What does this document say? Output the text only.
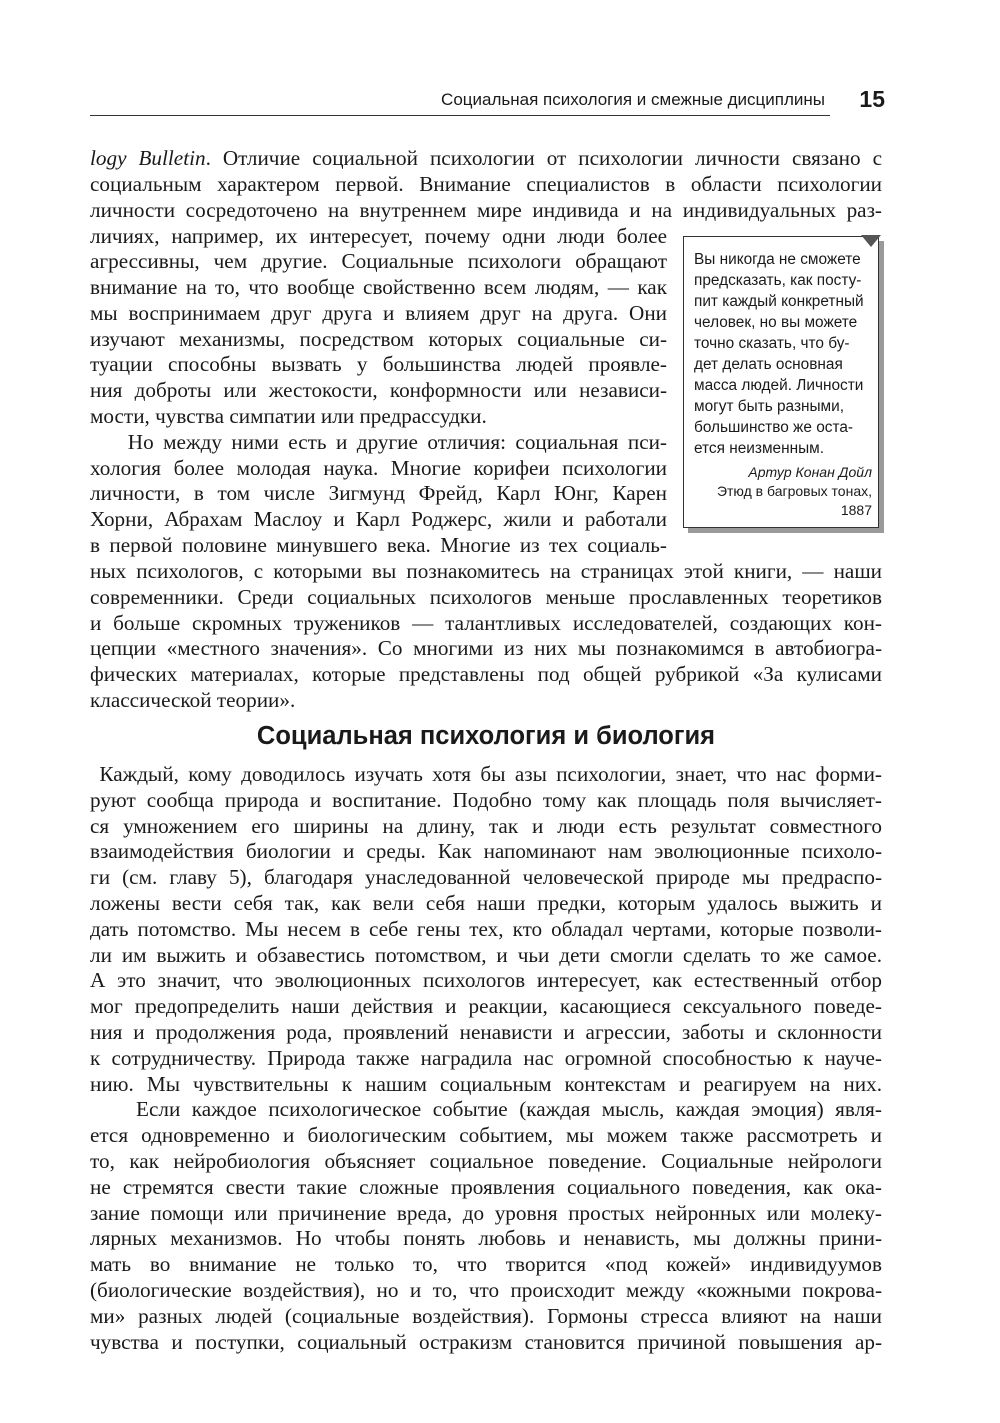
Социальная психология и смежные дисциплины 15
logy Bulletin. Отличие социальной психологии от психологии личности связано с
социальным характером первой. Внимание специалистов в области психологии
личности сосредоточено на внутреннем мире индивида и на индивидуальных раз-
личиях, например, их интересует, почему одни люди более
агрессивны, чем другие. Социальные психологи обращают
внимание на то, что вообще свойственно всем людям, — как
мы воспринимаем друг друга и влияем друг на друга. Они
изучают механизмы, посредством которых социальные си-
туации способны вызвать у большинства людей проявле-
ния доброты или жестокости, конформности или независи-
мости, чувства симпатии или предрассудки.
Но между ними есть и другие отличия: социальная пси-
хология более молодая наука. Многие корифеи психологии
личности, в том числе Зигмунд Фрейд, Карл Юнг, Карен
Хорни, Абрахам Маслоу и Карл Роджерс, жили и работали
в первой половине минувшего века. Многие из тех социаль-
ных психологов, с которыми вы познакомитесь на страницах этой книги, — наши
современники. Среди социальных психологов меньше прославленных теоретиков
и больше скромных тружеников — талантливых исследователей, создающих кон-
цепции «местного значения». Со многими из них мы познакомимся в автобиогра-
фических материалах, которые представлены под общей рубрикой «За кулисами
классической теории».
Вы никогда не сможете
предсказать, как посту-
пит каждый конкретный
человек, но вы можете
точно сказать, что бу-
дет делать основная
масса людей. Личности
могут быть разными,
большинство же оста-
ется неизменным.
Артур Конан Дойл
Этюд в багровых тонах,
1887
Социальная психология и биология
Каждый, кому доводилось изучать хотя бы азы психологии, знает, что нас форми-
руют сообща природа и воспитание. Подобно тому как площадь поля вычисляет-
ся умножением его ширины на длину, так и люди есть результат совместного
взаимодействия биологии и среды. Как напоминают нам эволюционные психоло-
ги (см. главу 5), благодаря унаследованной человеческой природе мы предраспо-
ложены вести себя так, как вели себя наши предки, которым удалось выжить и
дать потомство. Мы несем в себе гены тех, кто обладал чертами, которые позволи-
ли им выжить и обзавестись потомством, и чьи дети смогли сделать то же самое.
А это значит, что эволюционных психологов интересует, как естественный отбор
мог предопределить наши действия и реакции, касающиеся сексуального поведе-
ния и продолжения рода, проявлений ненависти и агрессии, заботы и склонности
к сотрудничеству. Природа также наградила нас огромной способностью к науче-
нию. Мы чувствительны к нашим социальным контекстам и реагируем на них.
Если каждое психологическое событие (каждая мысль, каждая эмоция) явля-
ется одновременно и биологическим событием, мы можем также рассмотреть и
то, как нейробиология объясняет социальное поведение. Социальные нейрологи
не стремятся свести такие сложные проявления социального поведения, как ока-
зание помощи или причинение вреда, до уровня простых нейронных или молеку-
лярных механизмов. Но чтобы понять любовь и ненависть, мы должны прини-
мать во внимание не только то, что творится «под кожей» индивидуумов
(биологические воздействия), но и то, что происходит между «кожными покрова-
ми» разных людей (социальные воздействия). Гормоны стресса влияют на наши
чувства и поступки, социальный остракизм становится причиной повышения ар-
